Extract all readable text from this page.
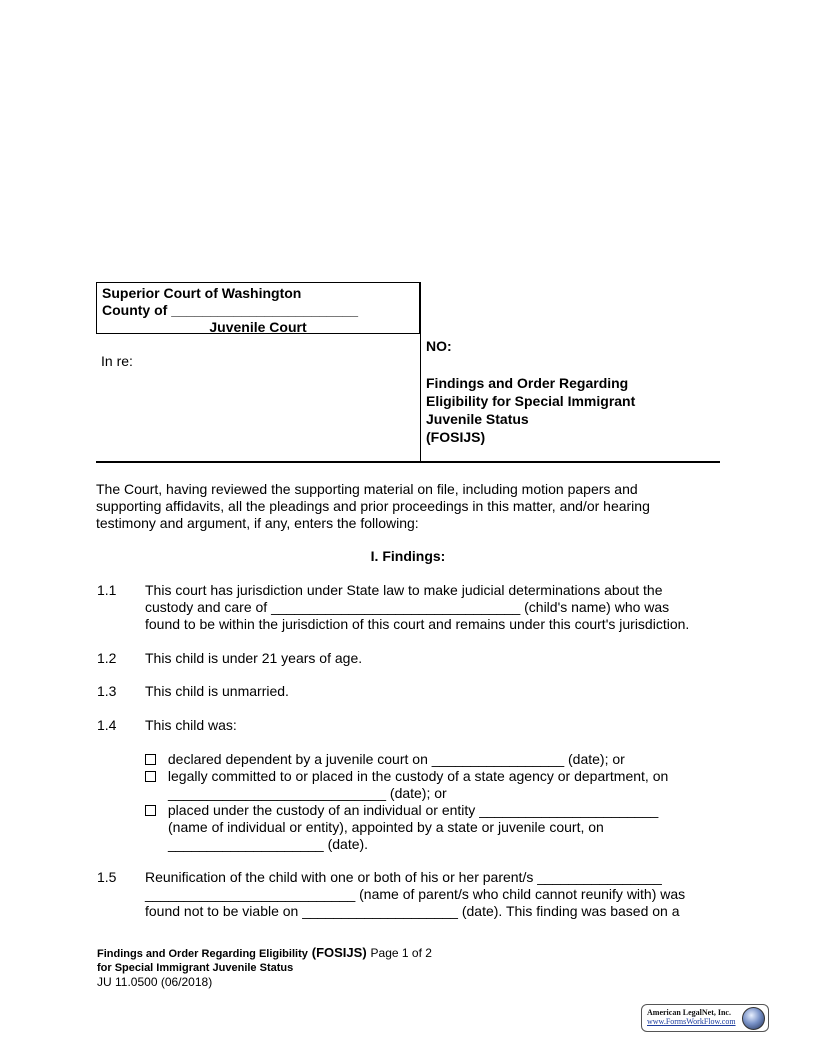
Superior Court of Washington
County of ________________________
Juvenile Court
In re:
NO:
Findings and Order Regarding
Eligibility for Special Immigrant
Juvenile Status
(FOSIJS)
The Court, having reviewed the supporting material on file, including motion papers and
supporting affidavits, all the pleadings and prior proceedings in this matter, and/or hearing
testimony and argument, if any, enters the following:
I. Findings:
1.1 This court has jurisdiction under State law to make judicial determinations about the
custody and care of ________________________________ (child's name) who was
found to be within the jurisdiction of this court and remains under this court's jurisdiction.
1.2 This child is under 21 years of age.
1.3 This child is unmarried.
1.4 This child was:
declared dependent by a juvenile court on _________________ (date); or
legally committed to or placed in the custody of a state agency or department, on
____________________________ (date); or
placed under the custody of an individual or entity _______________________
(name of individual or entity), appointed by a state or juvenile court, on
____________________ (date).
1.5 Reunification of the child with one or both of his or her parent/s ________________
___________________________ (name of parent/s who child cannot reunify with) was
found not to be viable on ____________________ (date). This finding was based on a
Findings and Order Regarding Eligibility (FOSIJS) Page 1 of 2
for Special Immigrant Juvenile Status
JU 11.0500 (06/2018)
American LegalNet, Inc.
www.FormsWorkFlow.com
